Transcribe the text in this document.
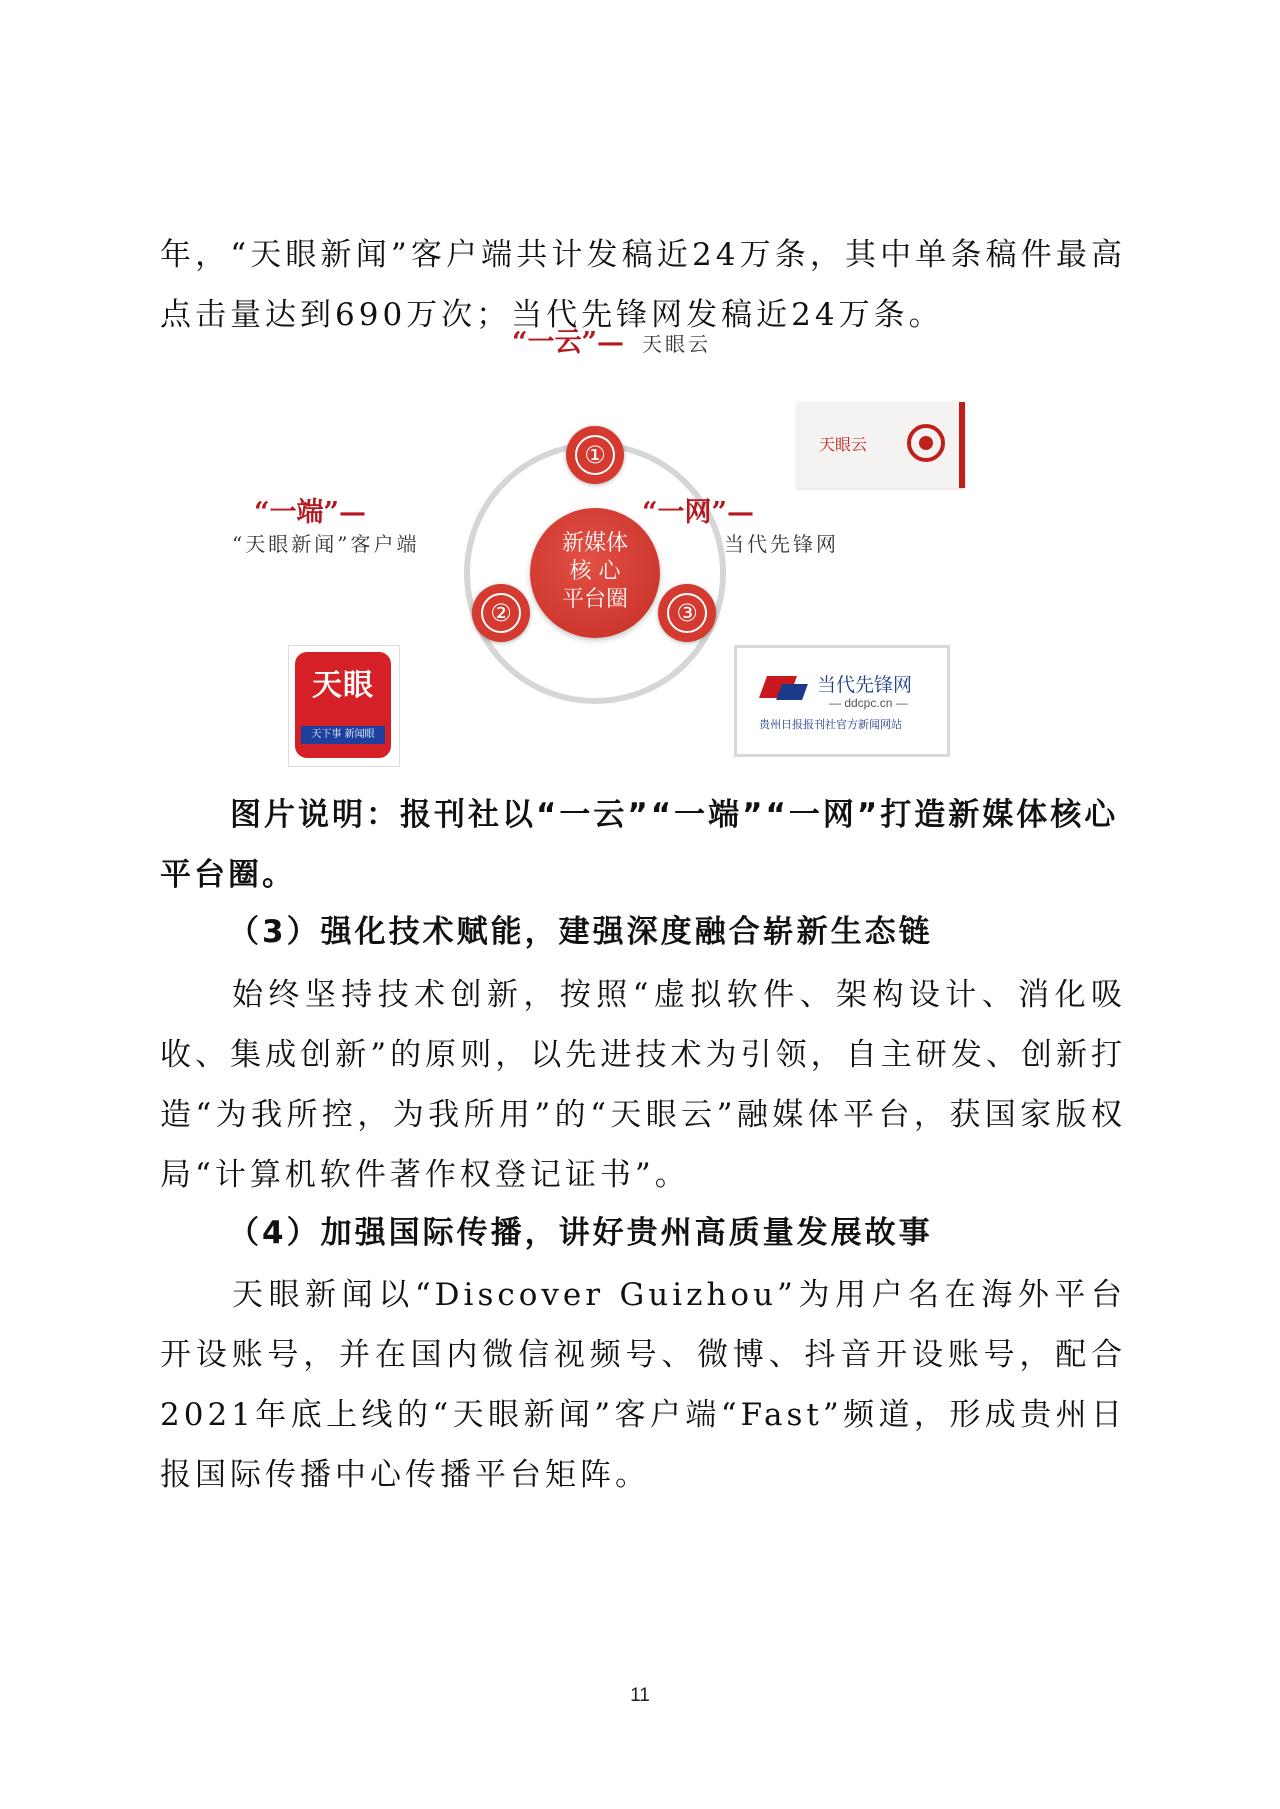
年，“天眼新闻”客户端共计发稿近24万条，其中单条稿件最高点击量达到690万次；当代先锋网发稿近24万条。

“一云”— 天眼云
“一端”—
“天眼新闻”客户端
“一网”—
当代先锋网
新媒体
核 心
平台圈
①
②	③
天眼云
天眼
天下事 新闻眼
当代先锋网
— ddcpc.cn —
贵州日报报刊社官方新闻网站

图片说明：报刊社以“一云”“一端”“一网”打造新媒体核心平台圈。

（3）强化技术赋能，建强深度融合崭新生态链

始终坚持技术创新，按照“虚拟软件、架构设计、消化吸收、集成创新”的原则，以先进技术为引领，自主研发、创新打造“为我所控，为我所用”的“天眼云”融媒体平台，获国家版权局“计算机软件著作权登记证书”。

（4）加强国际传播，讲好贵州高质量发展故事

天眼新闻以“Discover Guizhou”为用户名在海外平台开设账号，并在国内微信视频号、微博、抖音开设账号，配合2021年底上线的“天眼新闻”客户端“Fast”频道，形成贵州日报国际传播中心传播平台矩阵。

11
